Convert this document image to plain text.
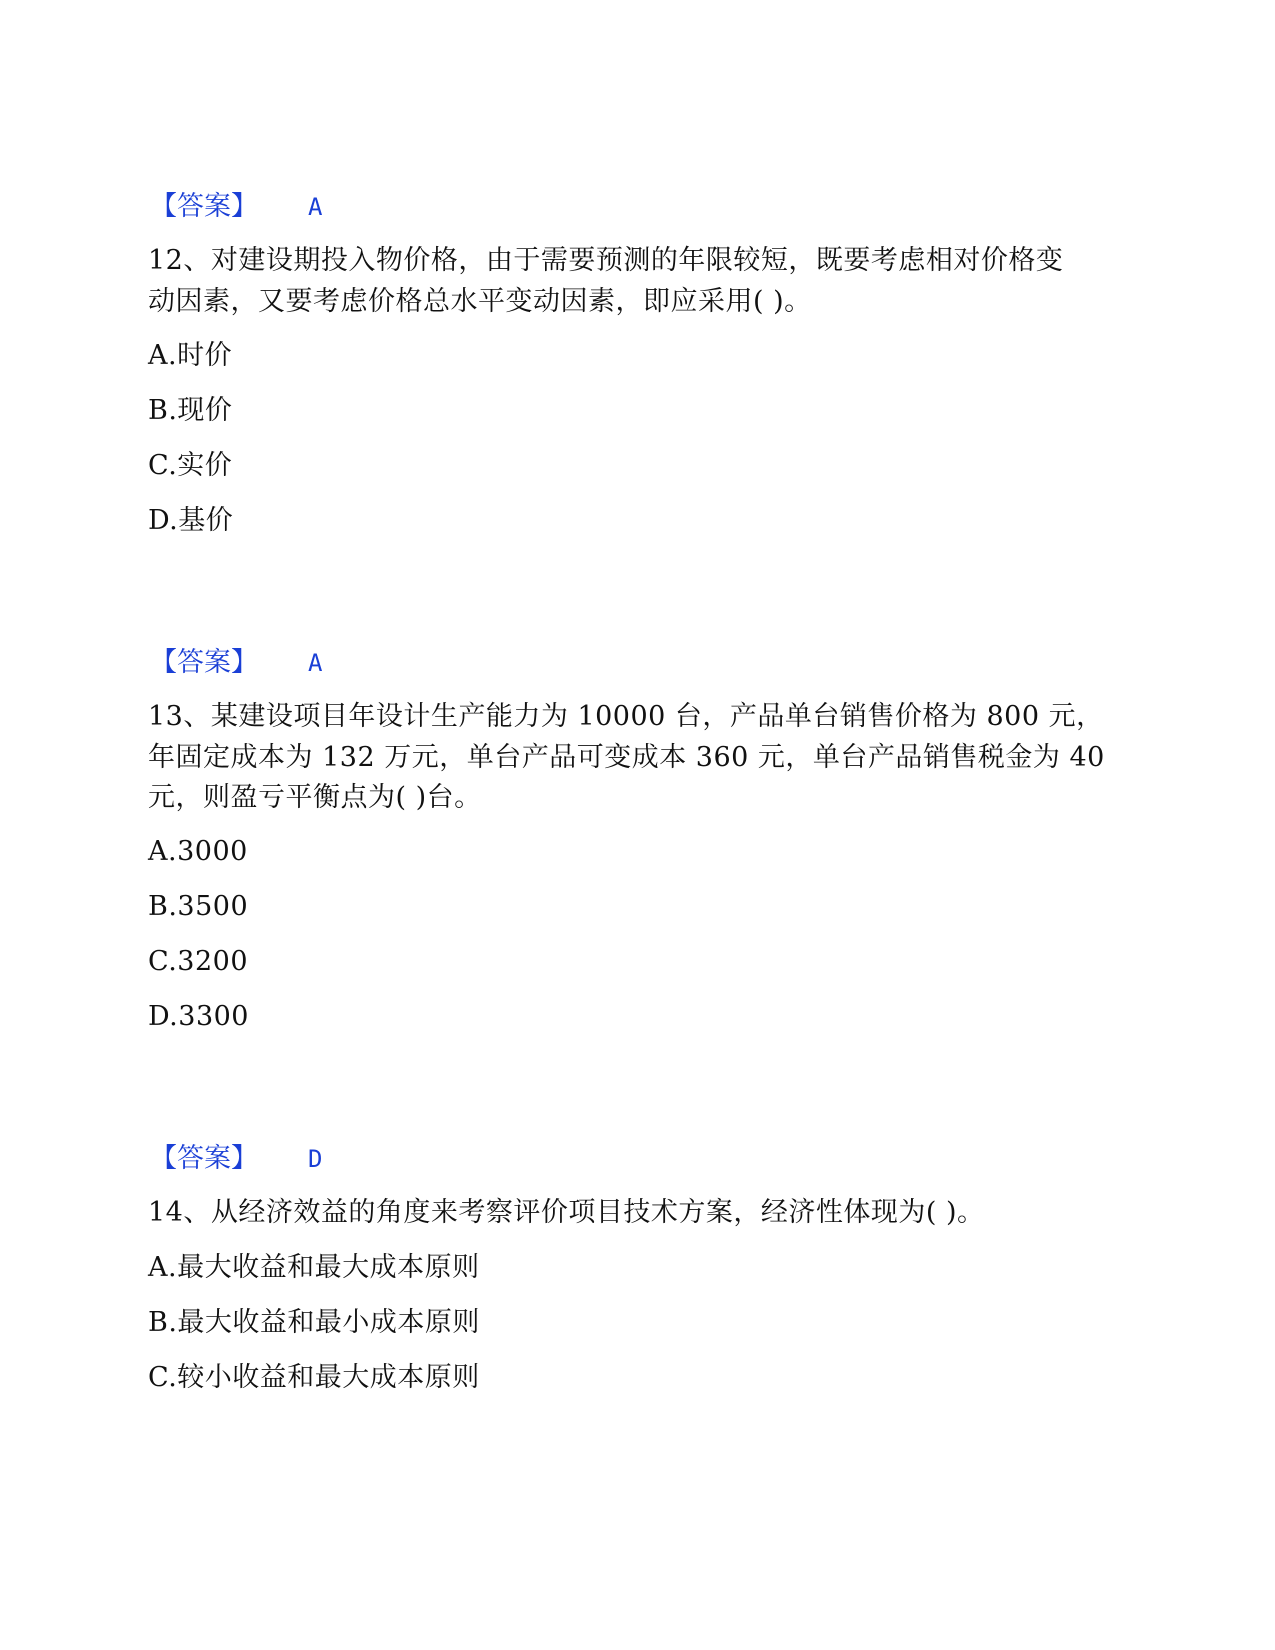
【答案】 A
12、对建设期投入物价格，由于需要预测的年限较短，既要考虑相对价格变
动因素，又要考虑价格总水平变动因素，即应采用( )。
A.时价
B.现价
C.实价
D.基价
【答案】 A
13、某建设项目年设计生产能力为 10000 台，产品单台销售价格为 800 元，
年固定成本为 132 万元，单台产品可变成本 360 元，单台产品销售税金为 40
元，则盈亏平衡点为( )台。
A.3000
B.3500
C.3200
D.3300
【答案】 D
14、从经济效益的角度来考察评价项目技术方案，经济性体现为( )。
A.最大收益和最大成本原则
B.最大收益和最小成本原则
C.较小收益和最大成本原则
